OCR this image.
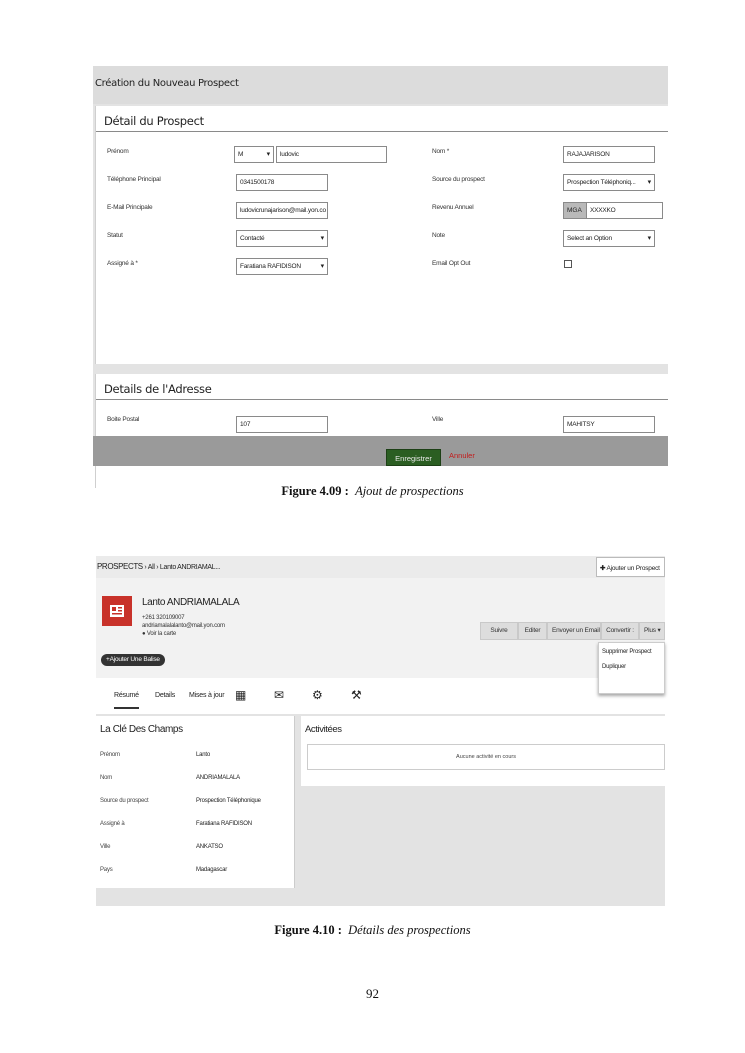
Création du Nouveau Prospect
Détail du Prospect
Prénom	M ▾	ludovic	Nom *	RAJAJARISON
Téléphone Principal	0341500178	Source du prospect	Prospection Téléphoniq... ▾
E-Mail Principale	ludovicrunajarison@mail.yon.co	Revenu Annuel	MGA	XXXXKO
Statut	Contacté ▾	Note	Select an Option ▾
Assigné à *	Faratiana RAFIDISON ▾	Email Opt Out
Details de l'Adresse
Boite Postal
107
Ville
MAHITSY
Enregistrer	Annuler
Figure 4.09 : Ajout de prospections
PROSPECTS › All › Lanto ANDRIAMAL...	✚ Ajouter un Prospect
Lanto ANDRIAMALALA
+261 320109007
andriamalalalanto@mail.yon.com
● Voir la carte
+Ajouter Une Balise
Suivre	Editer	Envoyer un Email Convertir :	Plus ▾
Supprimer Prospect
Dupliquer
Résumé Details Mises à jour ▦ ✉ ⚙ ⚒
La Clé Des Champs
Prénom	Lanto
Nom	ANDRIAMALALA
Source du prospect	Prospection Téléphonique
Assigné à	Faratiana RAFIDISON
Ville	ANKATSO
Pays	Madagascar
Activitées
Aucune activité en cours
Figure 4.10 : Détails des prospections
92
